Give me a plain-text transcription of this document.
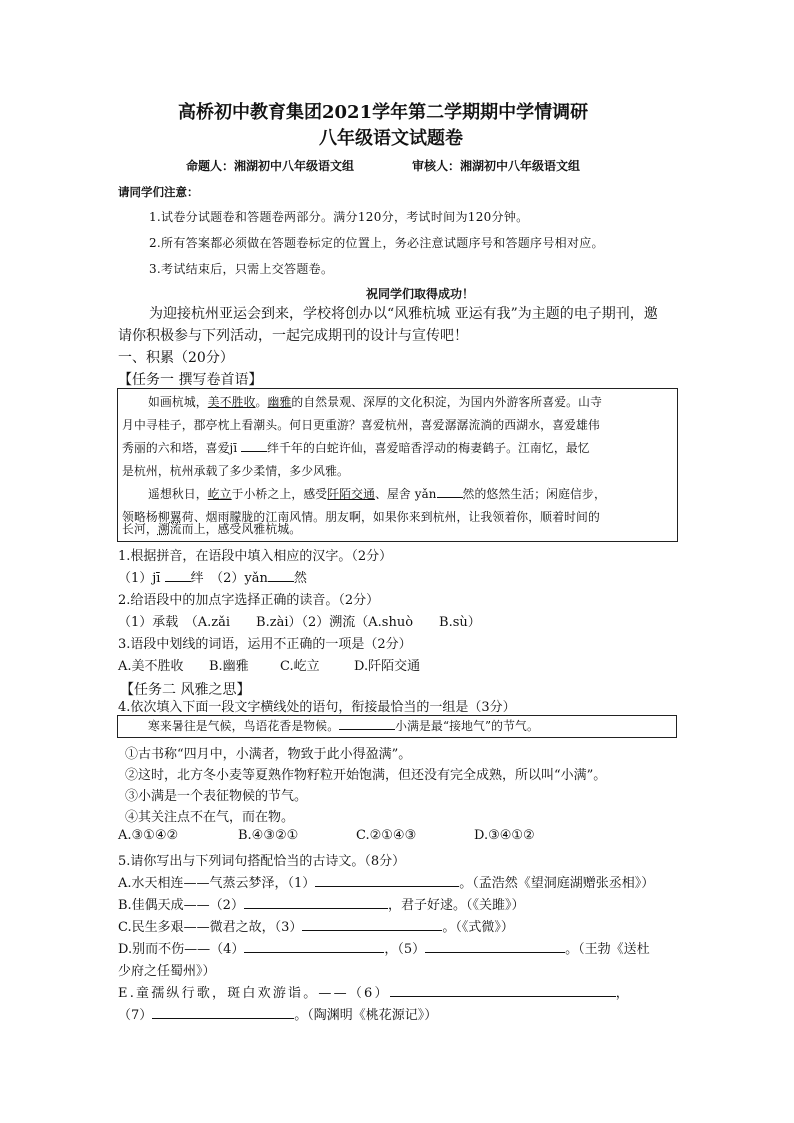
高桥初中教育集团2021学年第二学期期中学情调研
八年级语文试题卷
命题人：湘湖初中八年级语文组	审核人：湘湖初中八年级语文组
请同学们注意：
1.试卷分试题卷和答题卷两部分。满分120分，考试时间为120分钟。
2.所有答案都必须做在答题卷标定的位置上，务必注意试题序号和答题序号相对应。
3.考试结束后，只需上交答题卷。
祝同学们取得成功！
为迎接杭州亚运会到来，学校将创办以“风雅杭城 亚运有我”为主题的电子期刊，邀
请你积极参与下列活动，一起完成期刊的设计与宣传吧！
一、积累（20分）
【任务一 撰写卷首语】
如画杭城，美不胜收。幽雅的自然景观、深厚的文化积淀，为国内外游客所喜爱。山寺
月中寻桂子，郡亭枕上看潮头。何日更重游？喜爱杭州，喜爱潺潺流淌的西湖水，喜爱雄伟
秀丽的六和塔，喜爱jī 绊千年的白蛇许仙，喜爱暗香浮动的梅妻鹤子。江南忆，最忆
是杭州，杭州承载了多少柔情，多少风雅。
遥想秋日，屹立于小桥之上，感受阡陌交通、屋舍 yǎn 然的悠然生活；闲庭信步，
领略杨柳翼荷、烟雨朦胧的江南风情。朋友啊，如果你来到杭州，让我领着你，顺着时间的
长河，溯流而上，感受风雅杭城。
1.根据拼音，在语段中填入相应的汉字。（2分）
（1）jī 绊　（2）yǎn 然
2.给语段中的加点字选择正确的读音。（2分）
（1）承载　（A.zǎi　　B.zài）（2）溯流（A.shuò　　B.sù）
3.语段中划线的词语，运用不正确的一项是（2分）
A.美不胜收 B.幽雅 C.屹立	D.阡陌交通
【任务二 风雅之思】
4.依次填入下面一段文字横线处的语句，衔接最恰当的一组是（3分）
寒来暑往是气候，鸟语花香是物候。	小满是最“接地气”的节气。
①古书称“四月中，小满者，物致于此小得盈满”。
②这时，北方冬小麦等夏熟作物籽粒开始饱满，但还没有完全成熟，所以叫“小满”。
③小满是一个表征物候的节气。
④其关注点不在气，而在物。
A.③①④②	B.④③②①	C.②①④③	D.③④①②
5.请你写出与下列词句搭配恰当的古诗文。（8分）
A.水天相连——气蒸云梦泽，（1）	。（孟浩然《望洞庭湖赠张丞相》）
B.佳偶天成——（2）	，君子好逑。（《关雎》）
C.民生多艰——微君之故，（3）	。（《式微》）
D.别而不伤——（4）	，（5）	。（王勃《送杜
少府之任蜀州》）
E.童孺纵行歌，斑白欢游诣。——（6）	，
（7）	。（陶渊明《桃花源记》）
